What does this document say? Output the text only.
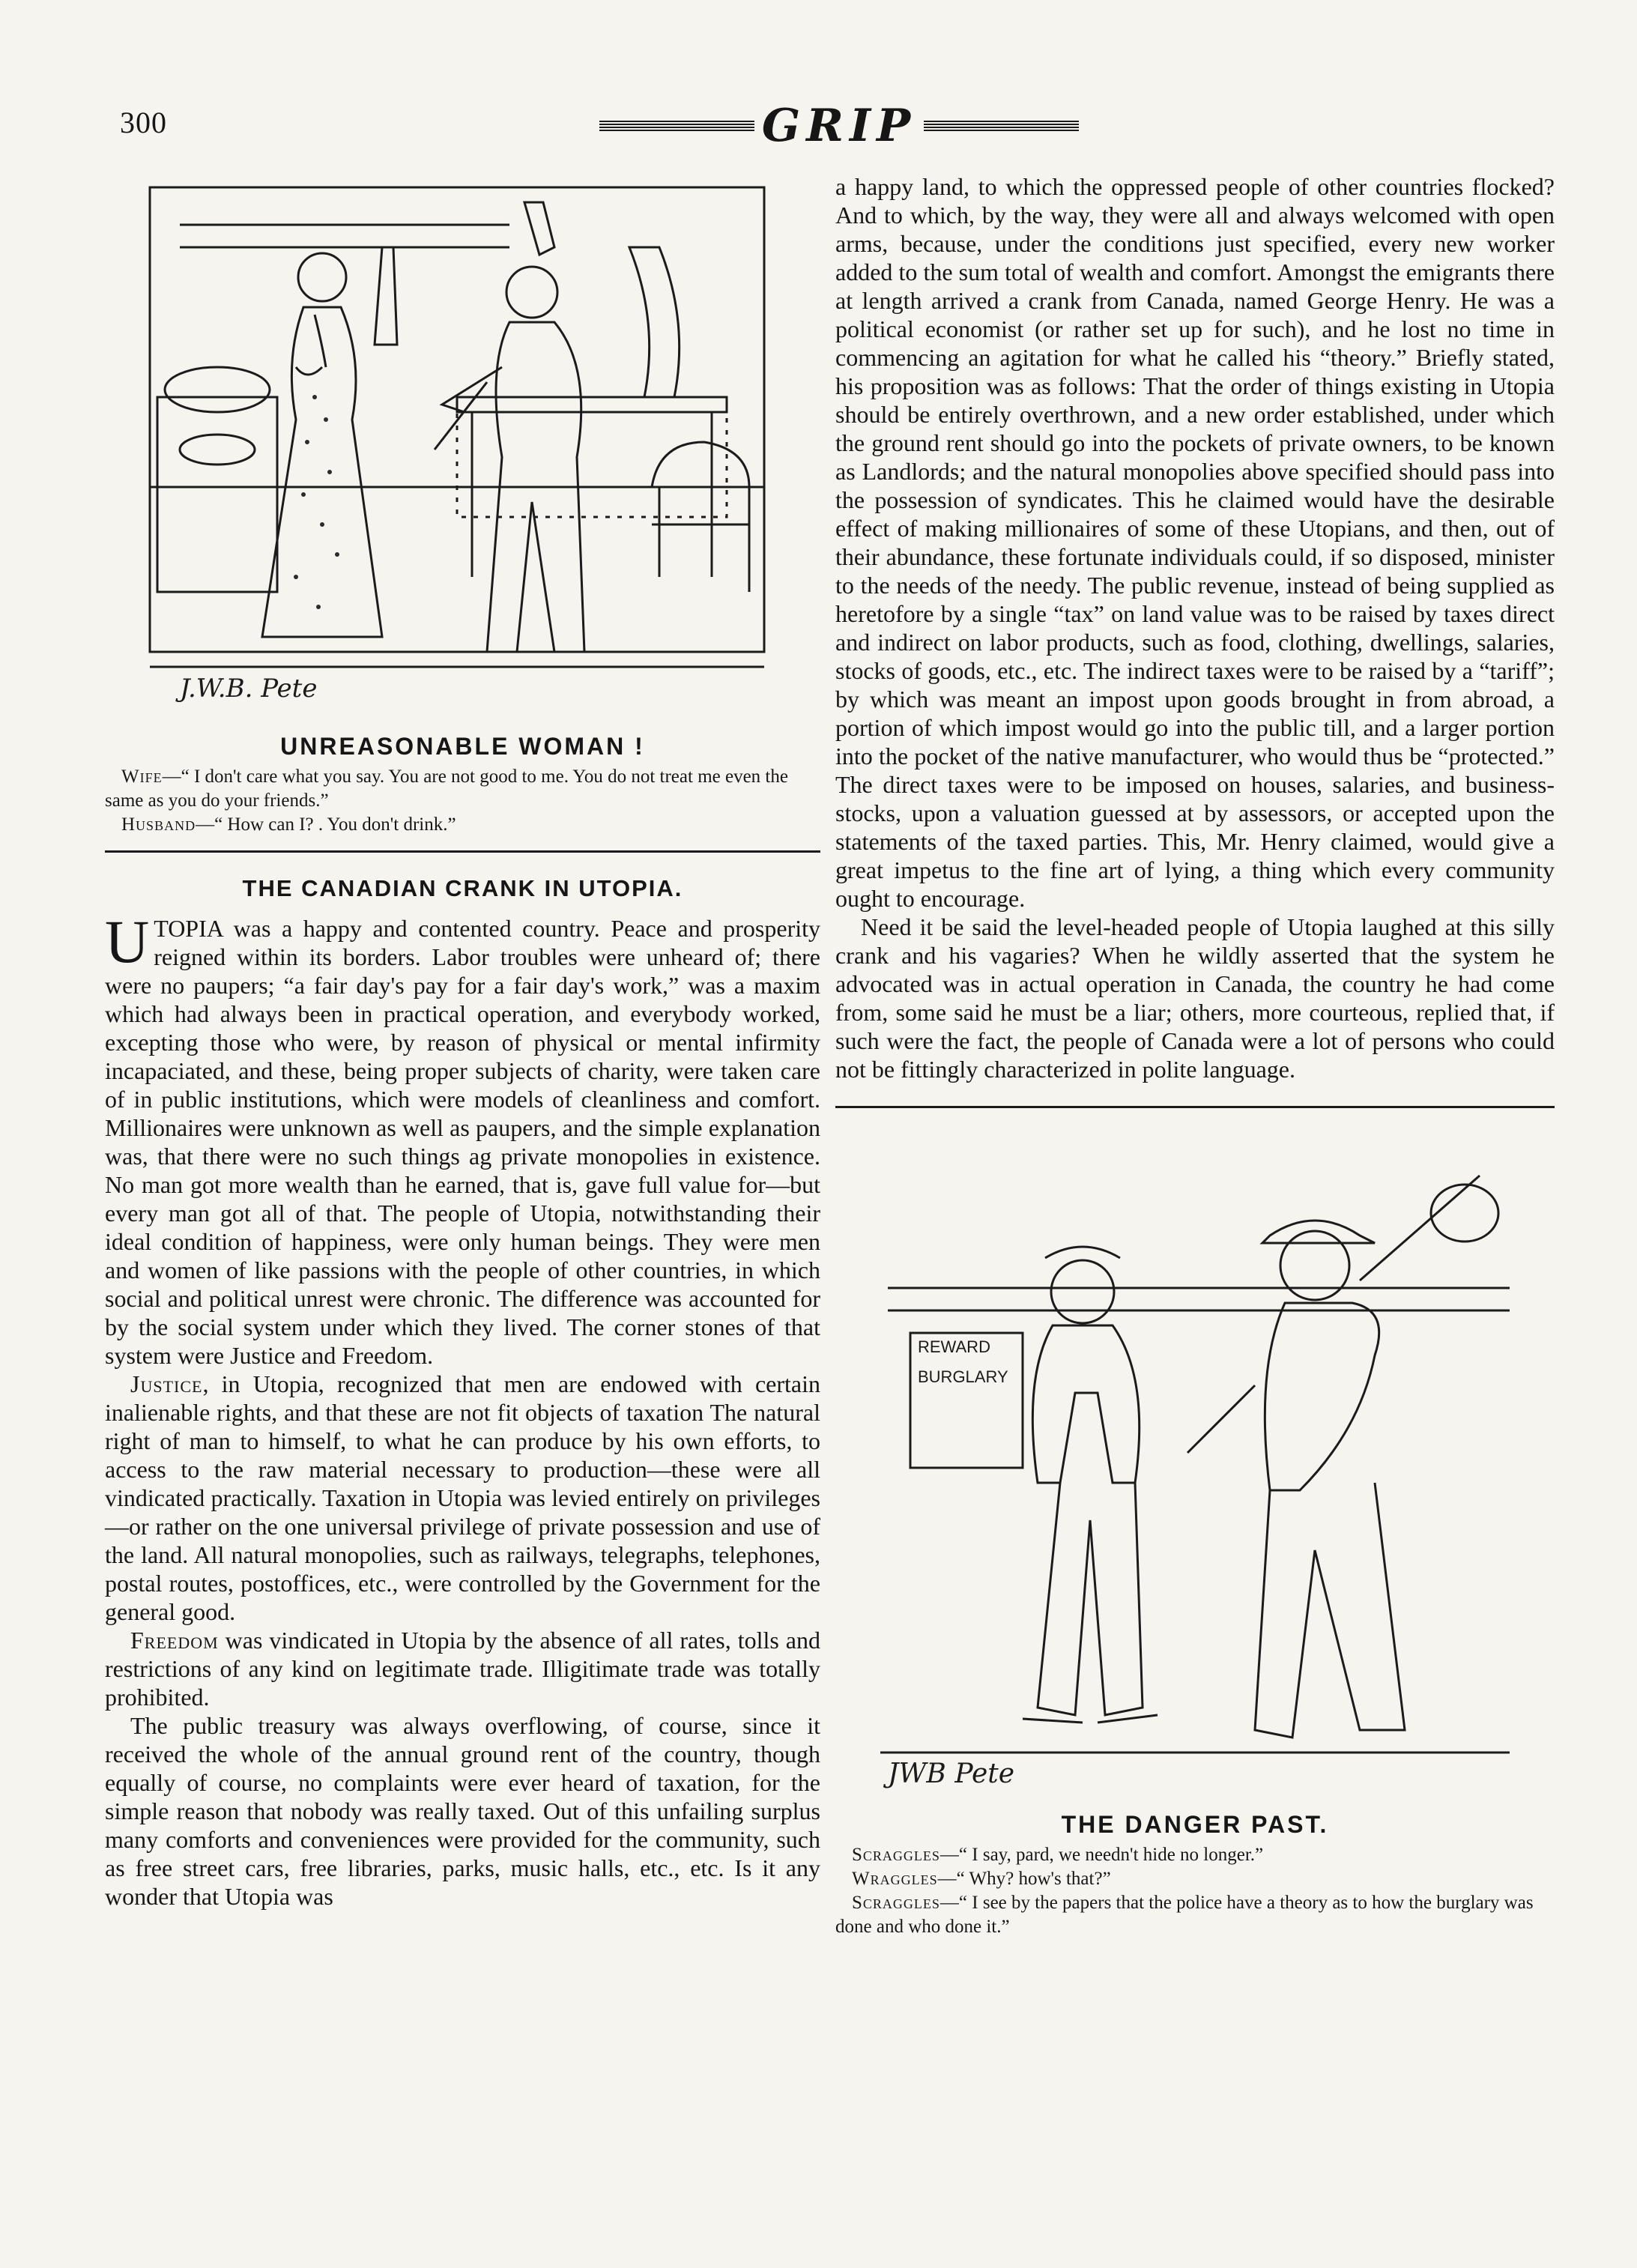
300	GRIP
J.W.B. Pete
UNREASONABLE WOMAN !

Wife—“ I don't care what you say. You are not good to me. You do not treat me even the same as you do your friends.”

Husband—“ How can I? . You don't drink.”

THE CANADIAN CRANK IN UTOPIA.

UTOPIA was a happy and contented country. Peace and prosperity reigned within its borders. Labor troubles were unheard of; there were no paupers; “a fair day's pay for a fair day's work,” was a maxim which had always been in practical operation, and everybody worked, excepting those who were, by reason of physical or mental infirmity incapaciated, and these, being proper subjects of charity, were taken care of in public institutions, which were models of cleanliness and comfort. Millionaires were unknown as well as paupers, and the simple explanation was, that there were no such things ag private monopolies in existence. No man got more wealth than he earned, that is, gave full value for—but every man got all of that. The people of Utopia, notwithstanding their ideal condition of happiness, were only human beings. They were men and women of like passions with the people of other countries, in which social and political unrest were chronic. The difference was accounted for by the social system under which they lived. The corner stones of that system were Justice and Freedom.

Justice, in Utopia, recognized that men are endowed with certain inalienable rights, and that these are not fit objects of taxation The natural right of man to himself, to what he can produce by his own efforts, to access to the raw material necessary to production—these were all vindicated practically. Taxation in Utopia was levied entirely on privileges—or rather on the one universal privilege of private possession and use of the land. All natural monopolies, such as railways, telegraphs, telephones, postal routes, postoffices, etc., were controlled by the Government for the general good.

Freedom was vindicated in Utopia by the absence of all rates, tolls and restrictions of any kind on legitimate trade. Illigitimate trade was totally prohibited.

The public treasury was always overflowing, of course, since it received the whole of the annual ground rent of the country, though equally of course, no complaints were ever heard of taxation, for the simple reason that nobody was really taxed. Out of this unfailing surplus many comforts and conveniences were provided for the community, such as free street cars, free libraries, parks, music halls, etc., etc. Is it any wonder that Utopia was

a happy land, to which the oppressed people of other countries flocked? And to which, by the way, they were all and always welcomed with open arms, because, under the conditions just specified, every new worker added to the sum total of wealth and comfort. Amongst the emigrants there at length arrived a crank from Canada, named George Henry. He was a political economist (or rather set up for such), and he lost no time in commencing an agitation for what he called his “theory.” Briefly stated, his proposition was as follows: That the order of things existing in Utopia should be entirely overthrown, and a new order established, under which the ground rent should go into the pockets of private owners, to be known as Landlords; and the natural monopolies above specified should pass into the possession of syndicates. This he claimed would have the desirable effect of making millionaires of some of these Utopians, and then, out of their abundance, these fortunate individuals could, if so disposed, minister to the needs of the needy. The public revenue, instead of being supplied as heretofore by a single “tax” on land value was to be raised by taxes direct and indirect on labor products, such as food, clothing, dwellings, salaries, stocks of goods, etc., etc. The indirect taxes were to be raised by a “tariff”; by which was meant an impost upon goods brought in from abroad, a portion of which impost would go into the public till, and a larger portion into the pocket of the native manufacturer, who would thus be “protected.” The direct taxes were to be imposed on houses, salaries, and business-stocks, upon a valuation guessed at by assessors, or accepted upon the statements of the taxed parties. This, Mr. Henry claimed, would give a great impetus to the fine art of lying, a thing which every community ought to encourage.

Need it be said the level-headed people of Utopia laughed at this silly crank and his vagaries? When he wildly asserted that the system he advocated was in actual operation in Canada, the country he had come from, some said he must be a liar; others, more courteous, replied that, if such were the fact, the people of Canada were a lot of persons who could not be fittingly characterized in polite language.

REWARD
BURGLARY
JWB Pete
THE DANGER PAST.

Scraggles—“ I say, pard, we needn't hide no longer.”

Wraggles—“ Why? how's that?”

Scraggles—“ I see by the papers that the police have a theory as to how the burglary was done and who done it.”
